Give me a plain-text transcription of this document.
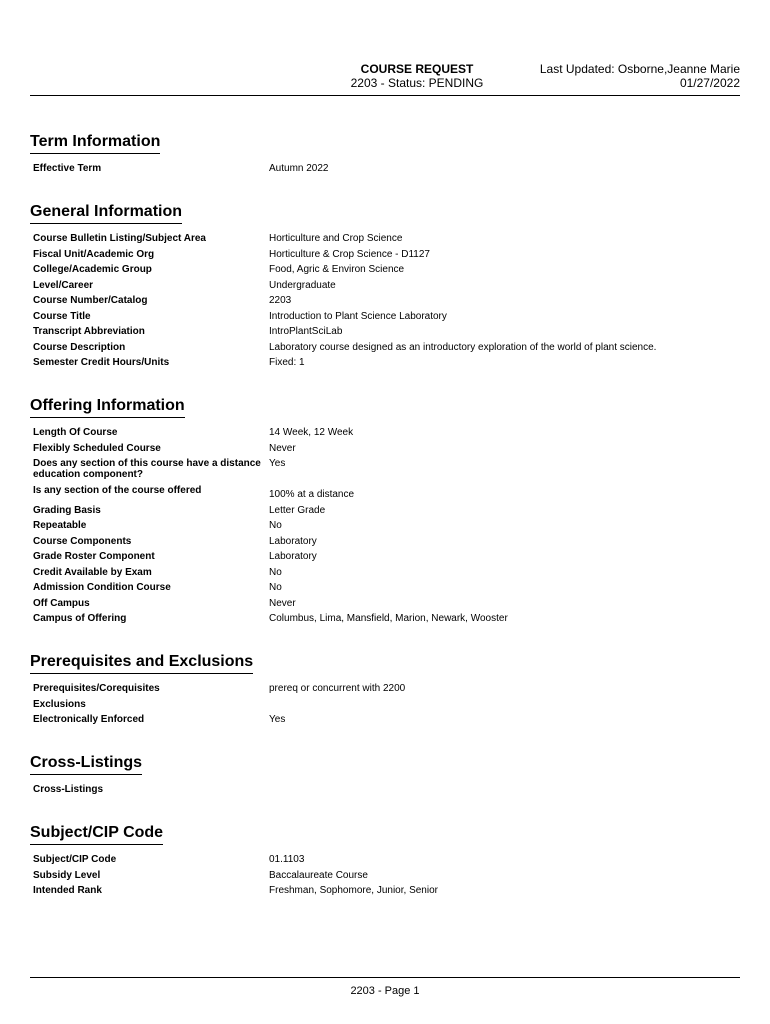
COURSE REQUEST
2203 - Status: PENDING
Last Updated: Osborne,Jeanne Marie
01/27/2022
Term Information
Effective Term	Autumn 2022
General Information
Course Bulletin Listing/Subject Area	Horticulture and Crop Science
Fiscal Unit/Academic Org	Horticulture & Crop Science - D1127
College/Academic Group	Food, Agric & Environ Science
Level/Career	Undergraduate
Course Number/Catalog	2203
Course Title	Introduction to Plant Science Laboratory
Transcript Abbreviation	IntroPlantSciLab
Course Description	Laboratory course designed as an introductory exploration of the world of plant science.
Semester Credit Hours/Units	Fixed: 1
Offering Information
Length Of Course	14 Week, 12 Week
Flexibly Scheduled Course	Never
Does any section of this course have a distance education component?
Yes
Is any section of the course offered	100% at a distance
Grading Basis	Letter Grade
Repeatable	No
Course Components	Laboratory
Grade Roster Component	Laboratory
Credit Available by Exam	No
Admission Condition Course	No
Off Campus	Never
Campus of Offering	Columbus, Lima, Mansfield, Marion, Newark, Wooster
Prerequisites and Exclusions
Prerequisites/Corequisites	prereq or concurrent with 2200
Exclusions
Electronically Enforced	Yes
Cross-Listings
Cross-Listings
Subject/CIP Code
Subject/CIP Code	01.1103
Subsidy Level	Baccalaureate Course
Intended Rank	Freshman, Sophomore, Junior, Senior
2203 - Page 1
